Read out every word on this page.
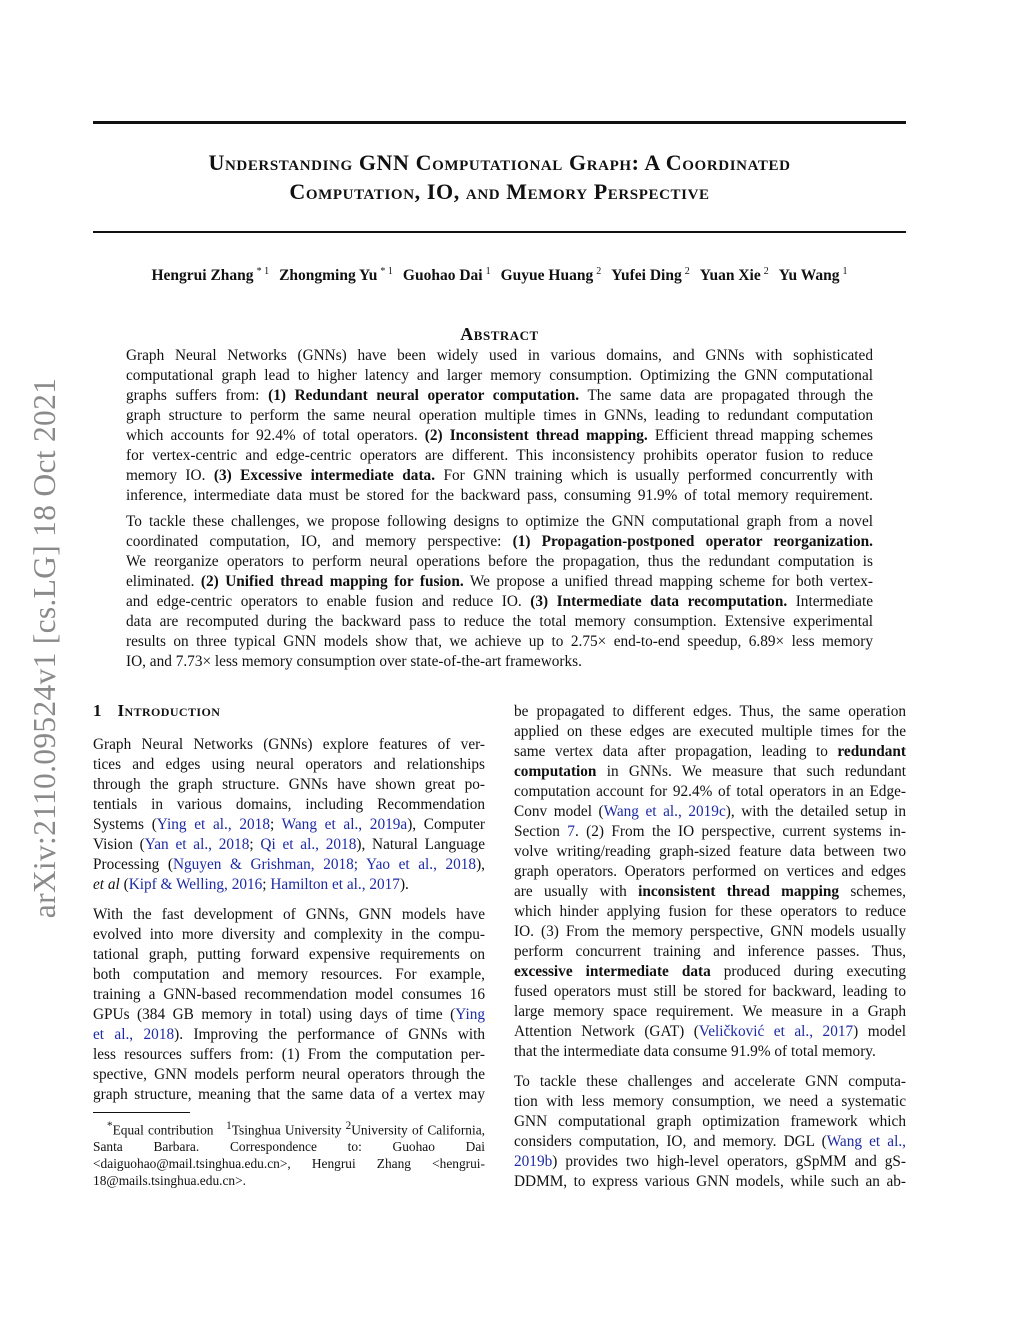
arXiv:2110.09524v1 [cs.LG] 18 Oct 2021
Understanding GNN Computational Graph: A Coordinated
Computation, IO, and Memory Perspective
Hengrui Zhang $^{* 1}$ Zhongming Yu $^{* 1}$ Guohao Dai $^1$ Guyue Huang $^2$ Yufei Ding $^2$ Yuan Xie $^2$ Yu Wang $^1$
Abstract
Graph Neural Networks (GNNs) have been widely used in various domains, and GNNs with sophisticated
computational graph lead to higher latency and larger memory consumption. Optimizing the GNN computational
graphs suffers from: (1) Redundant neural operator computation. The same data are propagated through the
graph structure to perform the same neural operation multiple times in GNNs, leading to redundant computation
which accounts for 92.4% of total operators. (2) Inconsistent thread mapping. Efficient thread mapping schemes
for vertex-centric and edge-centric operators are different. This inconsistency prohibits operator fusion to reduce
memory IO. (3) Excessive intermediate data. For GNN training which is usually performed concurrently with
inference, intermediate data must be stored for the backward pass, consuming 91.9% of total memory requirement.
To tackle these challenges, we propose following designs to optimize the GNN computational graph from a novel
coordinated computation, IO, and memory perspective: (1) Propagation-postponed operator reorganization.
We reorganize operators to perform neural operations before the propagation, thus the redundant computation is
eliminated. (2) Unified thread mapping for fusion. We propose a unified thread mapping scheme for both vertex-
and edge-centric operators to enable fusion and reduce IO. (3) Intermediate data recomputation. Intermediate
data are recomputed during the backward pass to reduce the total memory consumption. Extensive experimental
results on three typical GNN models show that, we achieve up to 2.75× end-to-end speedup, 6.89× less memory
IO, and 7.73× less memory consumption over state-of-the-art frameworks.
1 Introduction
Graph Neural Networks (GNNs) explore features of ver-
tices and edges using neural operators and relationships
through the graph structure. GNNs have shown great po-
tentials in various domains, including Recommendation
Systems (Ying et al., 2018; Wang et al., 2019a), Computer
Vision (Yan et al., 2018; Qi et al., 2018), Natural Language
Processing (Nguyen & Grishman, 2018; Yao et al., 2018),
et al (Kipf & Welling, 2016; Hamilton et al., 2017).
With the fast development of GNNs, GNN models have
evolved into more diversity and complexity in the compu-
tational graph, putting forward expensive requirements on
both computation and memory resources. For example,
training a GNN-based recommendation model consumes 16
GPUs (384 GB memory in total) using days of time (Ying
et al., 2018). Improving the performance of GNNs with
less resources suffers from: (1) From the computation per-
spective, GNN models perform neural operators through the
graph structure, meaning that the same data of a vertex may
*Equal contribution $^1$Tsinghua University $^2$University of California, Santa Barbara. Correspondence to: Guohao Dai <daiguohao@mail.tsinghua.edu.cn>, Hengrui Zhang <hengrui-18@mails.tsinghua.edu.cn>.
be propagated to different edges. Thus, the same operation
applied on these edges are executed multiple times for the
same vertex data after propagation, leading to redundant
computation in GNNs. We measure that such redundant
computation account for 92.4% of total operators in an Edge-
Conv model (Wang et al., 2019c), with the detailed setup in
Section 7. (2) From the IO perspective, current systems in-
volve writing/reading graph-sized feature data between two
graph operators. Operators performed on vertices and edges
are usually with inconsistent thread mapping schemes,
which hinder applying fusion for these operators to reduce
IO. (3) From the memory perspective, GNN models usually
perform concurrent training and inference passes. Thus,
excessive intermediate data produced during executing
fused operators must still be stored for backward, leading to
large memory space requirement. We measure in a Graph
Attention Network (GAT) (Veličković et al., 2017) model
that the intermediate data consume 91.9% of total memory.
To tackle these challenges and accelerate GNN computa-
tion with less memory consumption, we need a systematic
GNN computational graph optimization framework which
considers computation, IO, and memory. DGL (Wang et al.,
2019b) provides two high-level operators, gSpMM and gS-
DDMM, to express various GNN models, while such an ab-
